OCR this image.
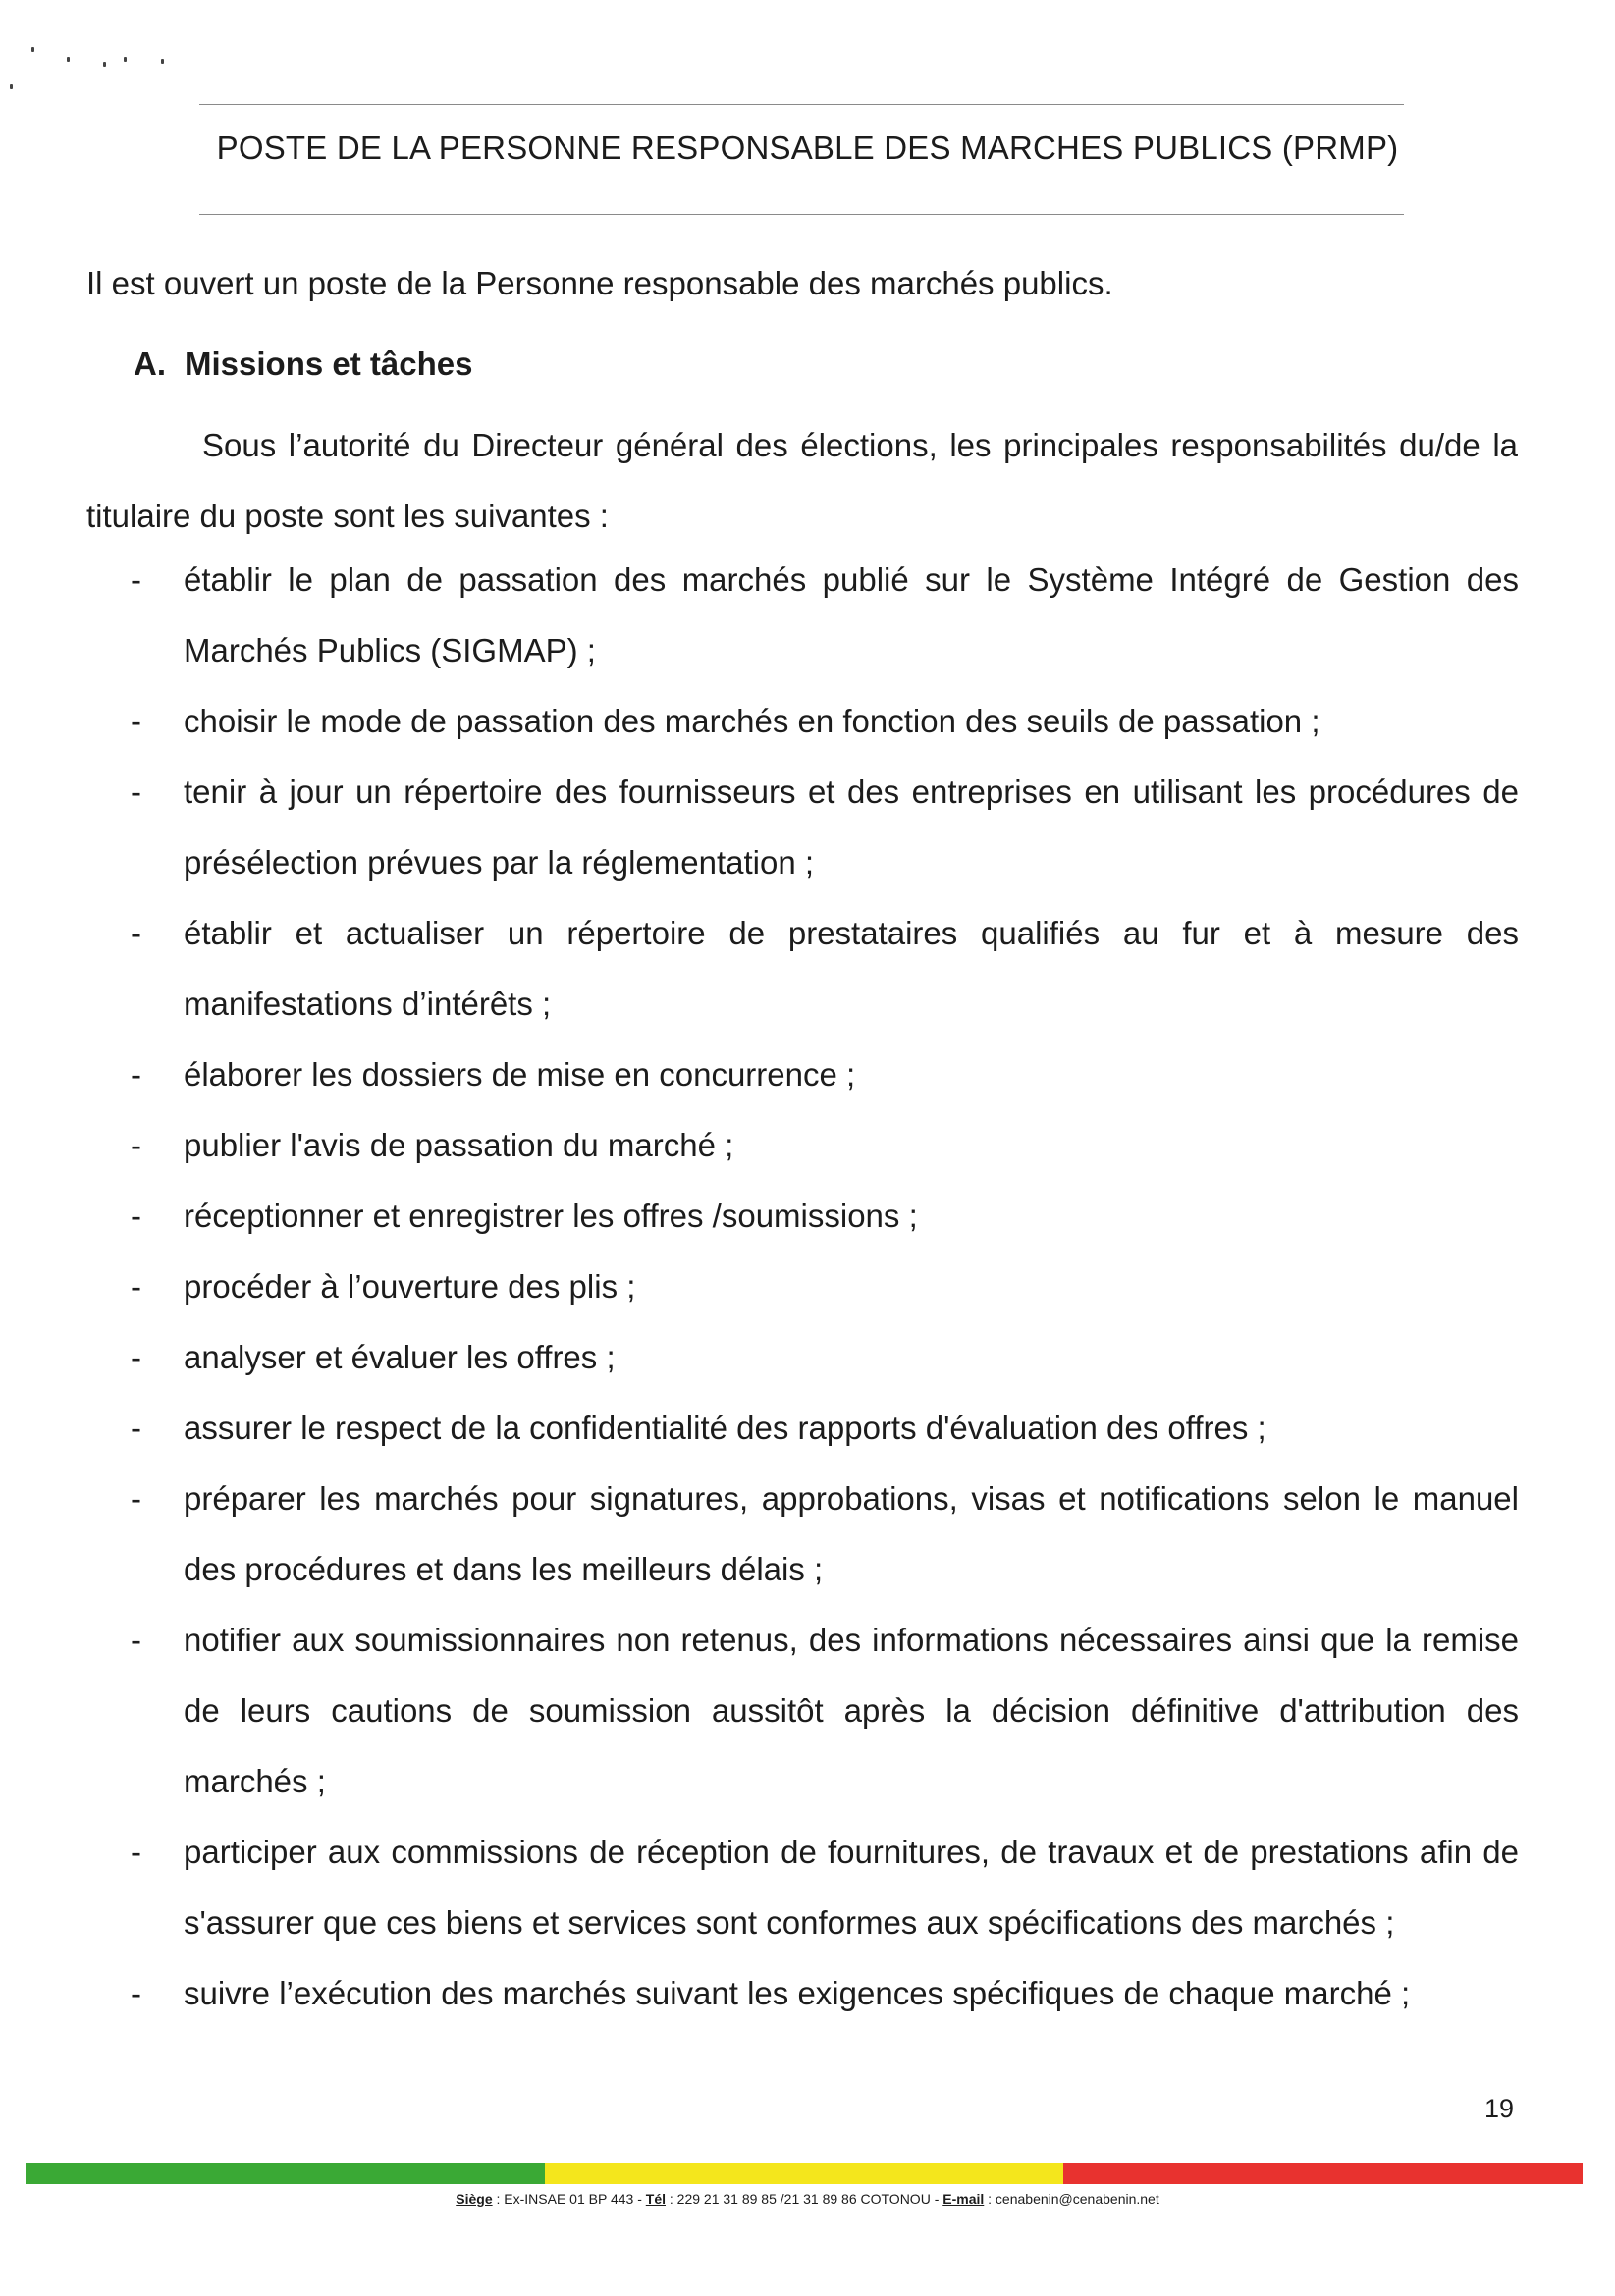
POSTE DE LA PERSONNE RESPONSABLE DES MARCHES PUBLICS (PRMP)
Il est ouvert un poste de la Personne responsable des marchés publics.
A. Missions et tâches
Sous l’autorité du Directeur général des élections, les principales responsabilités du/de la titulaire du poste sont les suivantes :
- établir le plan de passation des marchés publié sur le Système Intégré de Gestion des Marchés Publics (SIGMAP) ;
- choisir le mode de passation des marchés en fonction des seuils de passation ;
- tenir à jour un répertoire des fournisseurs et des entreprises en utilisant les procédures de présélection prévues par la réglementation ;
- établir et actualiser un répertoire de prestataires qualifiés au fur et à mesure des manifestations d’intérêts ;
- élaborer les dossiers de mise en concurrence ;
- publier l'avis de passation du marché ;
- réceptionner et enregistrer les offres /soumissions ;
- procéder à l’ouverture des plis ;
- analyser et évaluer les offres ;
- assurer le respect de la confidentialité des rapports d'évaluation des offres ;
- préparer les marchés pour signatures, approbations, visas et notifications selon le manuel des procédures et dans les meilleurs délais ;
- notifier aux soumissionnaires non retenus, des informations nécessaires ainsi que la remise de leurs cautions de soumission aussitôt après la décision définitive d'attribution des marchés ;
- participer aux commissions de réception de fournitures, de travaux et de prestations afin de s'assurer que ces biens et services sont conformes aux spécifications des marchés ;
- suivre l’exécution des marchés suivant les exigences spécifiques de chaque marché ;
19
Siège : Ex-INSAE 01 BP 443 - Tél : 229 21 31 89 85 /21 31 89 86 COTONOU - E-mail : cenabenin@cenabenin.net
